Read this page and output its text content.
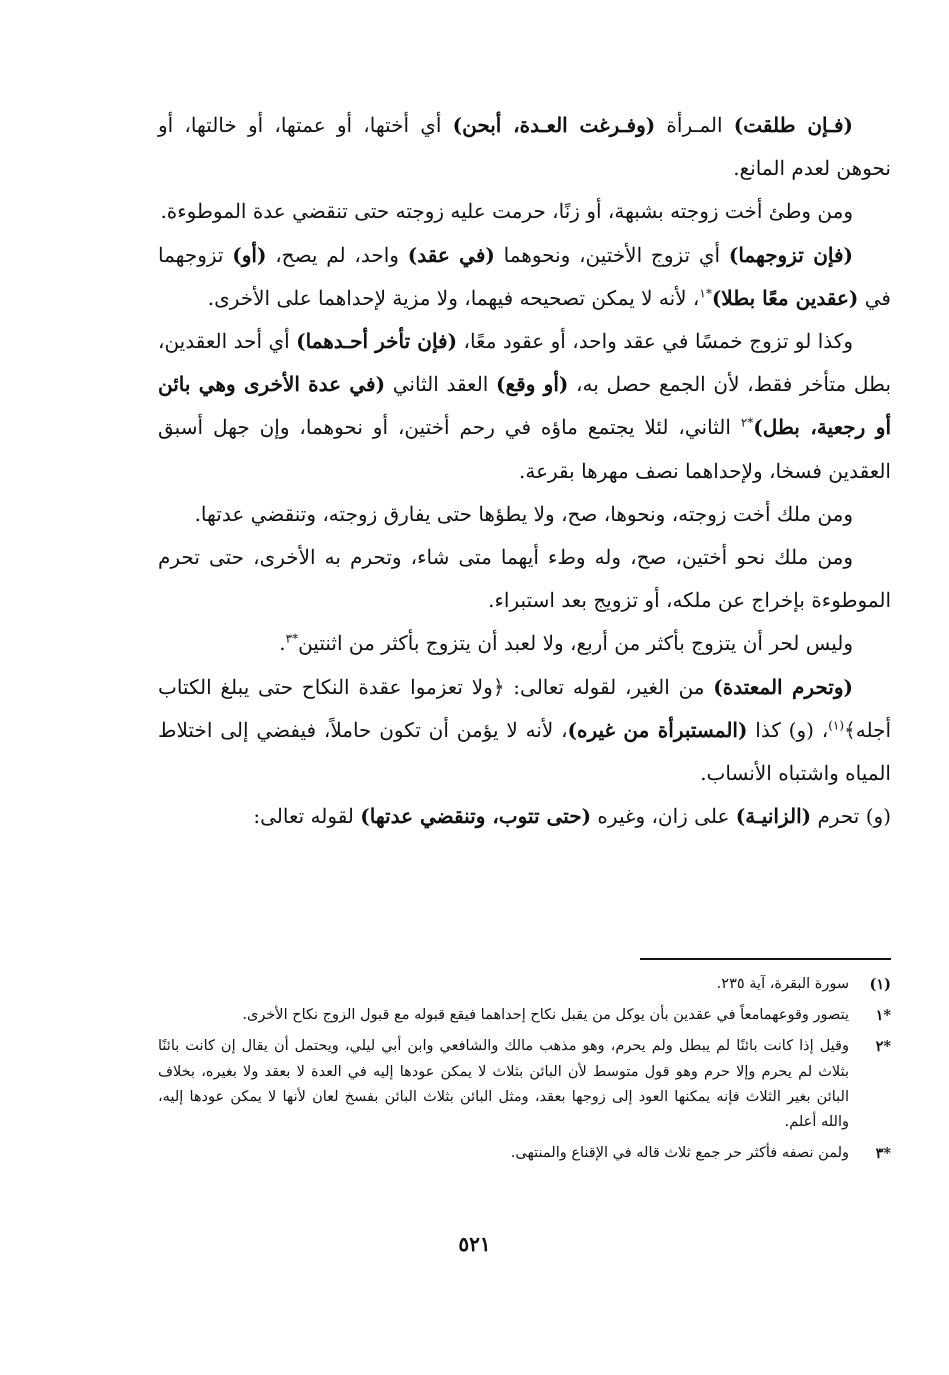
(فـإن طلقت) المـرأة (وفـرغت العـدة، أبحن) أي أختها، أو عمتها، أو خالتها، أو نحوهن لعدم المانع.

ومن وطئ أخت زوجته بشبهة، أو زنًا، حرمت عليه زوجته حتى تنقضي عدة الموطوءة.

(فإن تزوجهما) أي تزوج الأختين، ونحوهما (في عقد) واحد، لم يصح، (أو) تزوجهما في (عقدين معًا بطلا)$^{*١}$، لأنه لا يمكن تصحيحه فيهما، ولا مزية لإحداهما على الأخرى.

وكذا لو تزوج خمسًا في عقد واحد، أو عقود معًا، (فإن تأخر أحـدهما) أي أحد العقدين، بطل متأخر فقط، لأن الجمع حصل به، (أو وقع) العقد الثاني (في عدة الأخرى وهي بائن أو رجعية، بطل)$^{*٢}$ الثاني، لئلا يجتمع ماؤه في رحم أختين، أو نحوهما، وإن جهل أسبق العقدين فسخا، ولإحداهما نصف مهرها بقرعة.

ومن ملك أخت زوجته، ونحوها، صح، ولا يطؤها حتى يفارق زوجته، وتنقضي عدتها.

ومن ملك نحو أختين، صح، وله وطء أيهما متى شاء، وتحرم به الأخرى، حتى تحرم الموطوءة بإخراج عن ملكه، أو تزويج بعد استبراء.

وليس لحر أن يتزوج بأكثر من أربع، ولا لعبد أن يتزوج بأكثر من اثنتين$^{*٣}$.

(وتحرم المعتدة) من الغير، لقوله تعالى: ﴿ولا تعزموا عقدة النكاح حتى يبلغ الكتاب أجله﴾$^{(١)}$، (و) كذا (المستبرأة من غيره)، لأنه لا يؤمن أن تكون حاملاً، فيفضي إلى اختلاط المياه واشتباه الأنساب.

(و) تحرم (الزانيـة) على زان، وغيره (حتى تتوب، وتنقضي عدتها) لقوله تعالى:

(١)
سورة البقرة، آية ٢٣٥.
*١
يتصور وقوعهمامعاً في عقدين بأن يوكل من يقبل نكاح إحداهما فيقع قبوله مع قبول الزوج نكاح الأخرى.
*٢
وقيل إذا كانت بائنًا لم يبطل ولم يحرم، وهو مذهب مالك والشافعي وابن أبي ليلي، ويحتمل أن يقال إن كانت بائنًا بثلاث لم يحرم وإلا حرم وهو قول متوسط لأن البائن بثلاث لا يمكن عودها إليه في العدة لا بعقد ولا بغيره، بخلاف البائن بغير الثلاث فإنه يمكنها العود إلى زوجها بعقد، ومثل البائن بثلاث البائن بفسخ لعان لأنها لا يمكن عودها إليه، والله أعلم.
*٣
ولمن نصفه فأكثر حر جمع ثلاث قاله في الإقناع والمنتهى.
٥٢١
